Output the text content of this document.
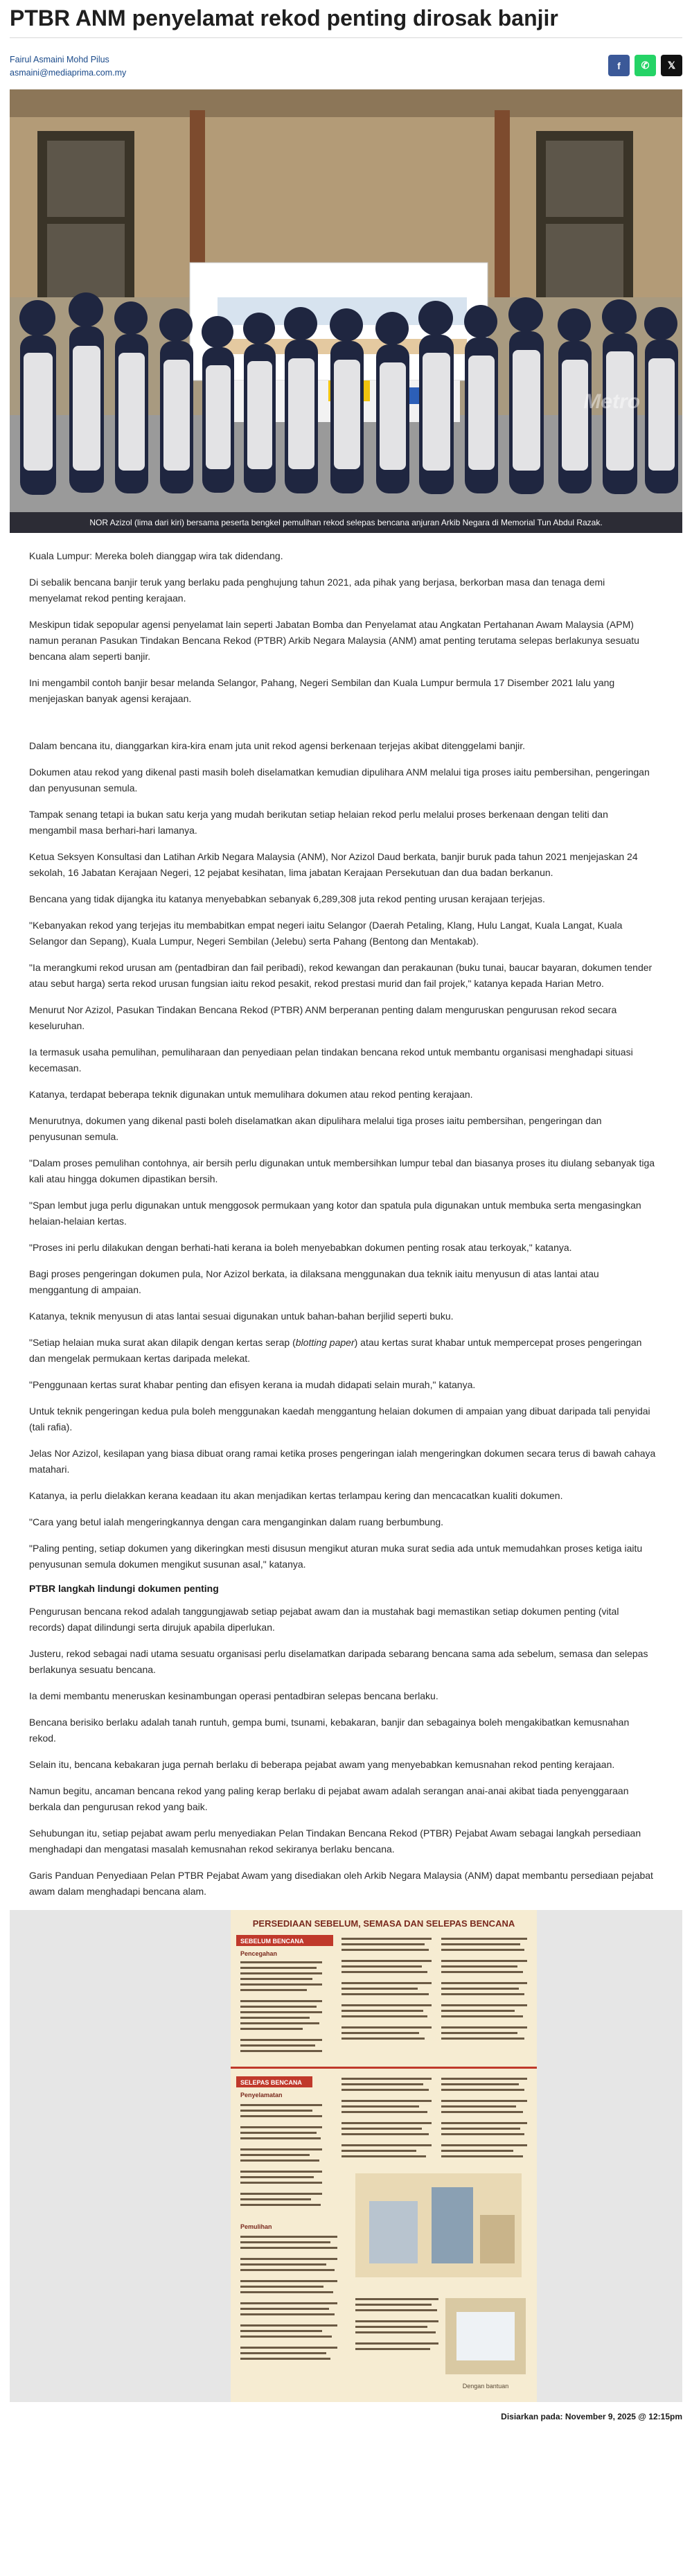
PTBR ANM penyelamat rekod penting dirosak banjir
Fairul Asmaini Mohd Pilus
asmaini@mediaprima.com.my
f ✆ 𝕏
Metro
NOR Azizol (lima dari kiri) bersama peserta bengkel pemulihan rekod selepas bencana anjuran Arkib Negara di Memorial Tun Abdul Razak.

Kuala Lumpur: Mereka boleh dianggap wira tak didendang.

Di sebalik bencana banjir teruk yang berlaku pada penghujung tahun 2021, ada pihak yang berjasa, berkorban masa dan tenaga demi menyelamat rekod penting kerajaan.

Meskipun tidak sepopular agensi penyelamat lain seperti Jabatan Bomba dan Penyelamat atau Angkatan Pertahanan Awam Malaysia (APM) namun peranan Pasukan Tindakan Bencana Rekod (PTBR) Arkib Negara Malaysia (ANM) amat penting terutama selepas berlakunya sesuatu bencana alam seperti banjir.

Ini mengambil contoh banjir besar melanda Selangor, Pahang, Negeri Sembilan dan Kuala Lumpur bermula 17 Disember 2021 lalu yang menjejaskan banyak agensi kerajaan.

Dalam bencana itu, dianggarkan kira-kira enam juta unit rekod agensi berkenaan terjejas akibat ditenggelami banjir.

Dokumen atau rekod yang dikenal pasti masih boleh diselamatkan kemudian dipulihara ANM melalui tiga proses iaitu pembersihan, pengeringan dan penyusunan semula.

Tampak senang tetapi ia bukan satu kerja yang mudah berikutan setiap helaian rekod perlu melalui proses berkenaan dengan teliti dan mengambil masa berhari-hari lamanya.

Ketua Seksyen Konsultasi dan Latihan Arkib Negara Malaysia (ANM), Nor Azizol Daud berkata, banjir buruk pada tahun 2021 menjejaskan 24 sekolah, 16 Jabatan Kerajaan Negeri, 12 pejabat kesihatan, lima jabatan Kerajaan Persekutuan dan dua badan berkanun.

Bencana yang tidak dijangka itu katanya menyebabkan sebanyak 6,289,308 juta rekod penting urusan kerajaan terjejas.

"Kebanyakan rekod yang terjejas itu membabitkan empat negeri iaitu Selangor (Daerah Petaling, Klang, Hulu Langat, Kuala Langat, Kuala Selangor dan Sepang), Kuala Lumpur, Negeri Sembilan (Jelebu) serta Pahang (Bentong dan Mentakab).

"Ia merangkumi rekod urusan am (pentadbiran dan fail peribadi), rekod kewangan dan perakaunan (buku tunai, baucar bayaran, dokumen tender atau sebut harga) serta rekod urusan fungsian iaitu rekod pesakit, rekod prestasi murid dan fail projek," katanya kepada Harian Metro.

Menurut Nor Azizol, Pasukan Tindakan Bencana Rekod (PTBR) ANM berperanan penting dalam menguruskan pengurusan rekod secara keseluruhan.

Ia termasuk usaha pemulihan, pemuliharaan dan penyediaan pelan tindakan bencana rekod untuk membantu organisasi menghadapi situasi kecemasan.

Katanya, terdapat beberapa teknik digunakan untuk memulihara dokumen atau rekod penting kerajaan.

Menurutnya, dokumen yang dikenal pasti boleh diselamatkan akan dipulihara melalui tiga proses iaitu pembersihan, pengeringan dan penyusunan semula.

"Dalam proses pemulihan contohnya, air bersih perlu digunakan untuk membersihkan lumpur tebal dan biasanya proses itu diulang sebanyak tiga kali atau hingga dokumen dipastikan bersih.

"Span lembut juga perlu digunakan untuk menggosok permukaan yang kotor dan spatula pula digunakan untuk membuka serta mengasingkan helaian-helaian kertas.

"Proses ini perlu dilakukan dengan berhati-hati kerana ia boleh menyebabkan dokumen penting rosak atau terkoyak," katanya.

Bagi proses pengeringan dokumen pula, Nor Azizol berkata, ia dilaksana menggunakan dua teknik iaitu menyusun di atas lantai atau menggantung di ampaian.

Katanya, teknik menyusun di atas lantai sesuai digunakan untuk bahan-bahan berjilid seperti buku.

"Setiap helaian muka surat akan dilapik dengan kertas serap (blotting paper) atau kertas surat khabar untuk mempercepat proses pengeringan dan mengelak permukaan kertas daripada melekat.

"Penggunaan kertas surat khabar penting dan efisyen kerana ia mudah didapati selain murah," katanya.

Untuk teknik pengeringan kedua pula boleh menggunakan kaedah menggantung helaian dokumen di ampaian yang dibuat daripada tali penyidai (tali rafia).

Jelas Nor Azizol, kesilapan yang biasa dibuat orang ramai ketika proses pengeringan ialah mengeringkan dokumen secara terus di bawah cahaya matahari.

Katanya, ia perlu dielakkan kerana keadaan itu akan menjadikan kertas terlampau kering dan mencacatkan kualiti dokumen.

"Cara yang betul ialah mengeringkannya dengan cara menganginkan dalam ruang berbumbung.

"Paling penting, setiap dokumen yang dikeringkan mesti disusun mengikut aturan muka surat sedia ada untuk memudahkan proses ketiga iaitu penyusunan semula dokumen mengikut susunan asal," katanya.

PTBR langkah lindungi dokumen penting

Pengurusan bencana rekod adalah tanggungjawab setiap pejabat awam dan ia mustahak bagi memastikan setiap dokumen penting (vital records) dapat dilindungi serta dirujuk apabila diperlukan.

Justeru, rekod sebagai nadi utama sesuatu organisasi perlu diselamatkan daripada sebarang bencana sama ada sebelum, semasa dan selepas berlakunya sesuatu bencana.

Ia demi membantu meneruskan kesinambungan operasi pentadbiran selepas bencana berlaku.

Bencana berisiko berlaku adalah tanah runtuh, gempa bumi, tsunami, kebakaran, banjir dan sebagainya boleh mengakibatkan kemusnahan rekod.

Selain itu, bencana kebakaran juga pernah berlaku di beberapa pejabat awam yang menyebabkan kemusnahan rekod penting kerajaan.

Namun begitu, ancaman bencana rekod yang paling kerap berlaku di pejabat awam adalah serangan anai-anai akibat tiada penyenggaraan berkala dan pengurusan rekod yang baik.

Sehubungan itu, setiap pejabat awam perlu menyediakan Pelan Tindakan Bencana Rekod (PTBR) Pejabat Awam sebagai langkah persediaan menghadapi dan mengatasi masalah kemusnahan rekod sekiranya berlaku bencana.

Garis Panduan Penyediaan Pelan PTBR Pejabat Awam yang disediakan oleh Arkib Negara Malaysia (ANM) dapat membantu persediaan pejabat awam dalam menghadapi bencana alam.

PERSEDIAAN SEBELUM, SEMASA DAN SELEPAS BENCANA
SEBELUM BENCANA
Pencegahan
SELEPAS BENCANA
Penyelamatan
Pemulihan
Dengan bantuan
Disiarkan pada: November 9, 2025 @ 12:15pm
